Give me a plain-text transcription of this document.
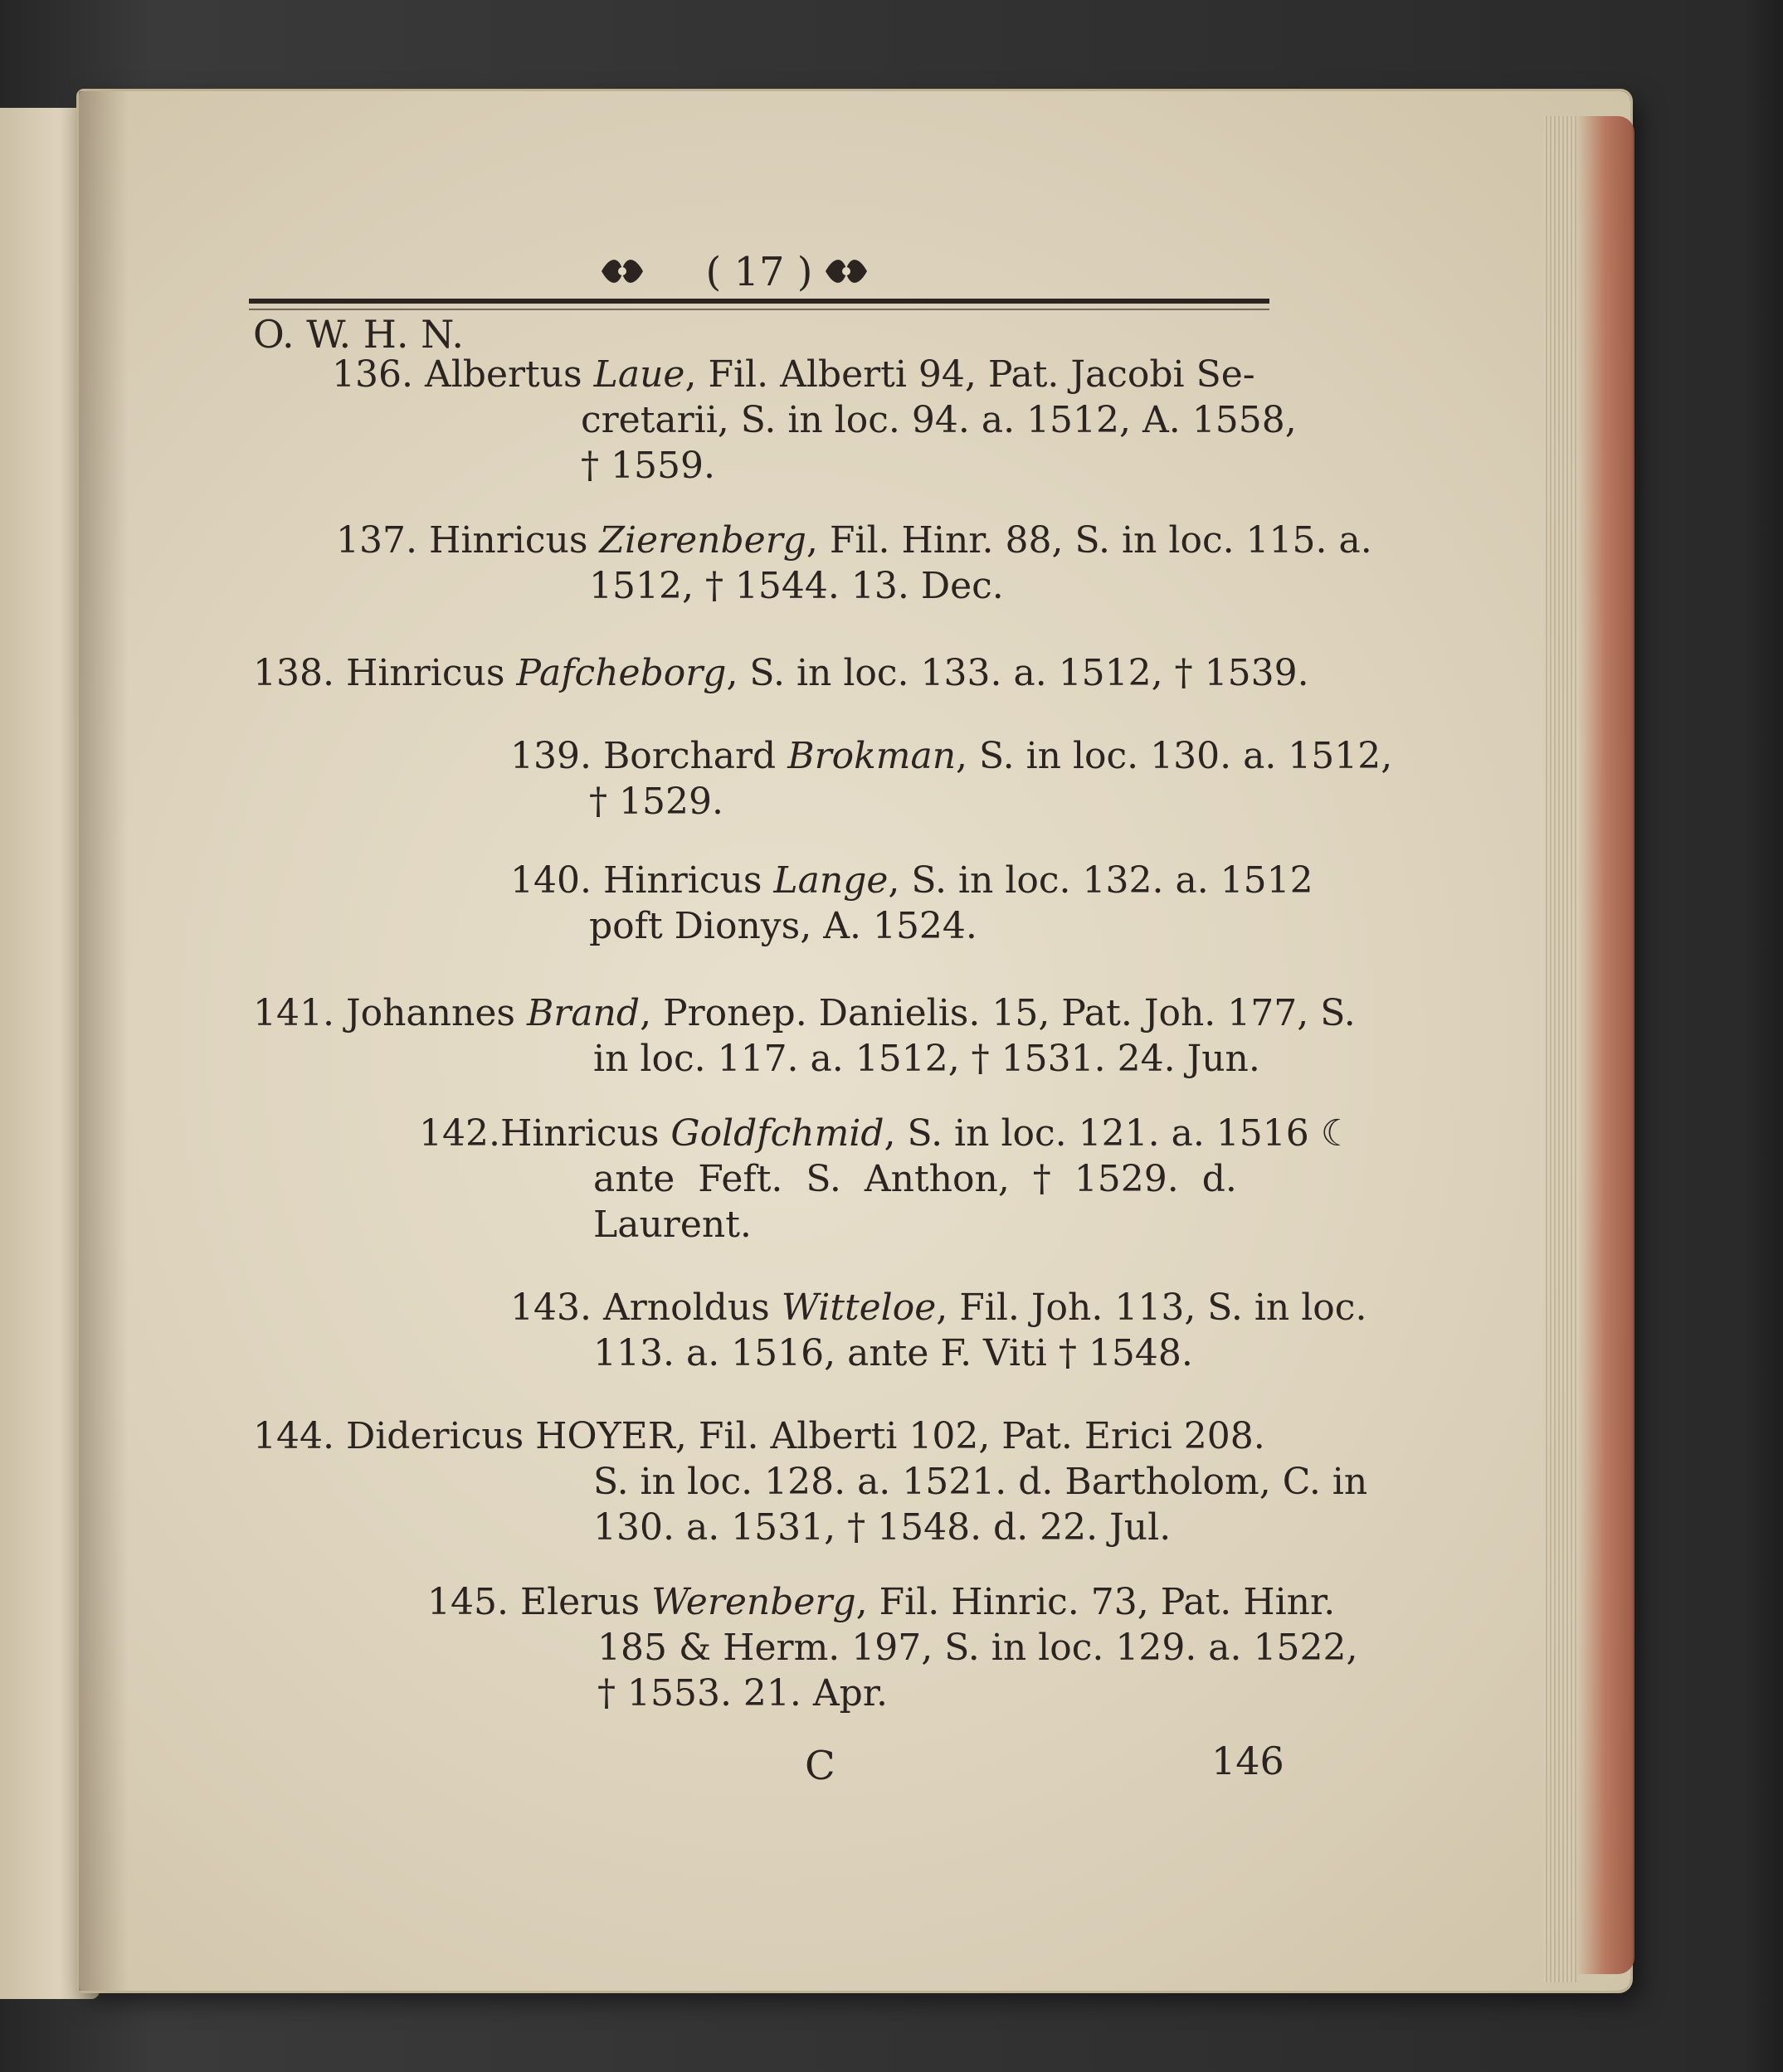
( 17 )
O. W. H. N.
136. Albertus Laue, Fil. Alberti 94, Pat. Jacobi Se-
cretarii, S. in loc. 94. a. 1512, A. 1558,
† 1559.
137. Hinricus Zierenberg, Fil. Hinr. 88, S. in loc. 115. a.
1512, † 1544. 13. Dec.
138. Hinricus Pafcheborg, S. in loc. 133. a. 1512, † 1539.
139. Borchard Brokman, S. in loc. 130. a. 1512,
† 1529.
140. Hinricus Lange, S. in loc. 132. a. 1512
poft Dionys, A. 1524.
141. Johannes Brand, Pronep. Danielis. 15, Pat. Joh. 177, S.
in loc. 117. a. 1512, † 1531. 24. Jun.
142.Hinricus Goldfchmid, S. in loc. 121. a. 1516 ☾
ante  Feft.  S.  Anthon,  †  1529.  d.
Laurent.
143. Arnoldus Witteloe, Fil. Joh. 113, S. in loc.
113. a. 1516, ante F. Viti † 1548.
144. Didericus HOYER, Fil. Alberti 102, Pat. Erici 208.
S. in loc. 128. a. 1521. d. Bartholom, C. in
130. a. 1531, † 1548. d. 22. Jul.
145. Elerus Werenberg, Fil. Hinric. 73, Pat. Hinr.
185 & Herm. 197, S. in loc. 129. a. 1522,
† 1553. 21. Apr.
C	146
